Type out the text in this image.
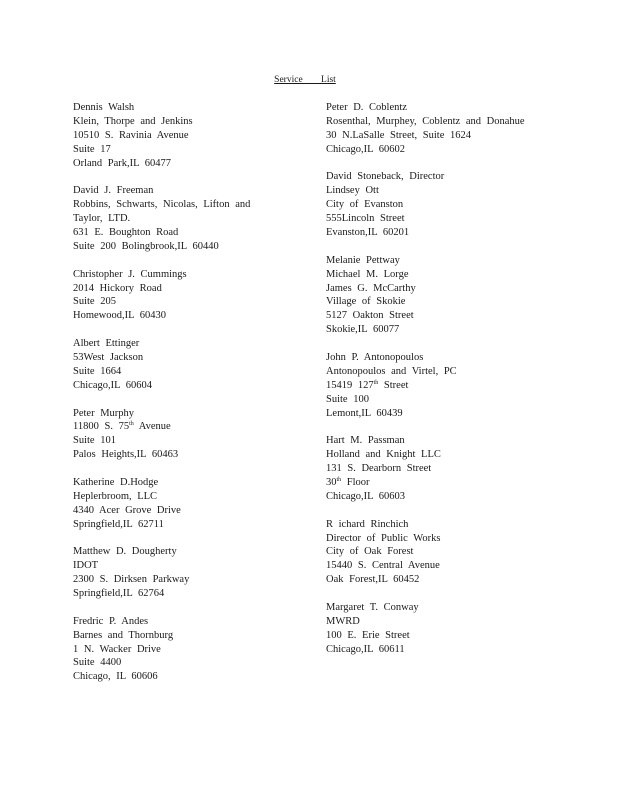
Service List
Dennis Walsh
Klein, Thorpe and Jenkins
10510 S. Ravinia Avenue
Suite 17
Orland Park,IL 60477
David J. Freeman
Robbins, Schwarts, Nicolas, Lifton and Taylor, LTD.
631 E. Boughton Road
Suite 200 Bolingbrook,IL 60440
Christopher J. Cummings
2014 Hickory Road
Suite 205
Homewood,IL 60430
Albert Ettinger
53West Jackson
Suite 1664
Chicago,IL 60604
Peter Murphy
11800 S. 75th Avenue
Suite 101
Palos Heights,IL 60463
Katherine D.Hodge
Heplerbroom, LLC
4340 Acer Grove Drive
Springfield,IL 62711
Matthew D. Dougherty
IDOT
2300 S. Dirksen Parkway
Springfield,IL 62764
Fredric P. Andes
Barnes and Thornburg
1 N. Wacker Drive
Suite 4400
Chicago, IL 60606
Peter D. Coblentz
Rosenthal, Murphey, Coblentz and Donahue
30 N.LaSalle Street, Suite 1624
Chicago,IL 60602
David Stoneback, Director
Lindsey Ott
City of Evanston
555Lincoln Street
Evanston,IL 60201
Melanie Pettway
Michael M. Lorge
James G. McCarthy
Village of Skokie
5127 Oakton Street
Skokie,IL 60077
John P. Antonopoulos
Antonopoulos and Virtel, PC
15419 127th Street
Suite 100
Lemont,IL 60439
Hart M. Passman
Holland and Knight LLC
131 S. Dearborn Street
30th Floor
Chicago,IL 60603
R ichard Rinchich
Director of Public Works
City of Oak Forest
15440 S. Central Avenue
Oak Forest,IL 60452
Margaret T. Conway
MWRD
100 E. Erie Street
Chicago,IL 60611
